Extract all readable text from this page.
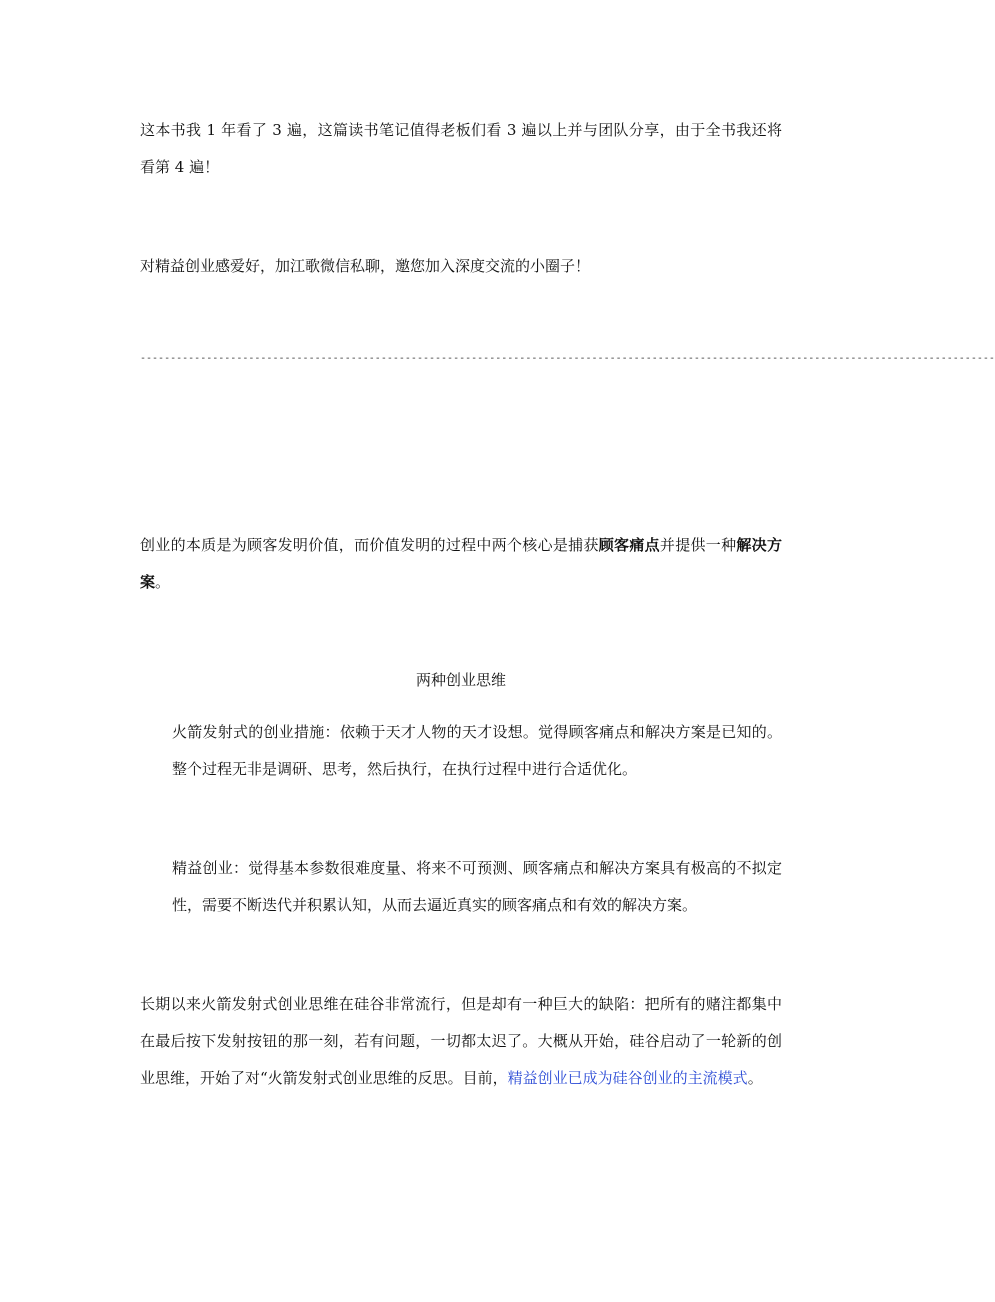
这本书我 1 年看了 3 遍，这篇读书笔记值得老板们看 3 遍以上并与团队分享，由于全书我还将看第 4 遍！

对精益创业感爱好，加江歌微信私聊，邀您加入深度交流的小圈子！

----------------------------------------------------------------------------------------------------------------------------------------------

创业的本质是为顾客发明价值，而价值发明的过程中两个核心是捕获顾客痛点并提供一种解决方案。

两种创业思维

火箭发射式的创业措施：依赖于天才人物的天才设想。觉得顾客痛点和解决方案是已知的。整个过程无非是调研、思考，然后执行，在执行过程中进行合适优化。

精益创业：觉得基本参数很难度量、将来不可预测、顾客痛点和解决方案具有极高的不拟定性，需要不断迭代并积累认知，从而去逼近真实的顾客痛点和有效的解决方案。

长期以来火箭发射式创业思维在硅谷非常流行，但是却有一种巨大的缺陷：把所有的赌注都集中在最后按下发射按钮的那一刻，若有问题，一切都太迟了。大概从开始，硅谷启动了一轮新的创业思维，开始了对“火箭发射式创业思维的反思。目前，精益创业已成为硅谷创业的主流模式。
